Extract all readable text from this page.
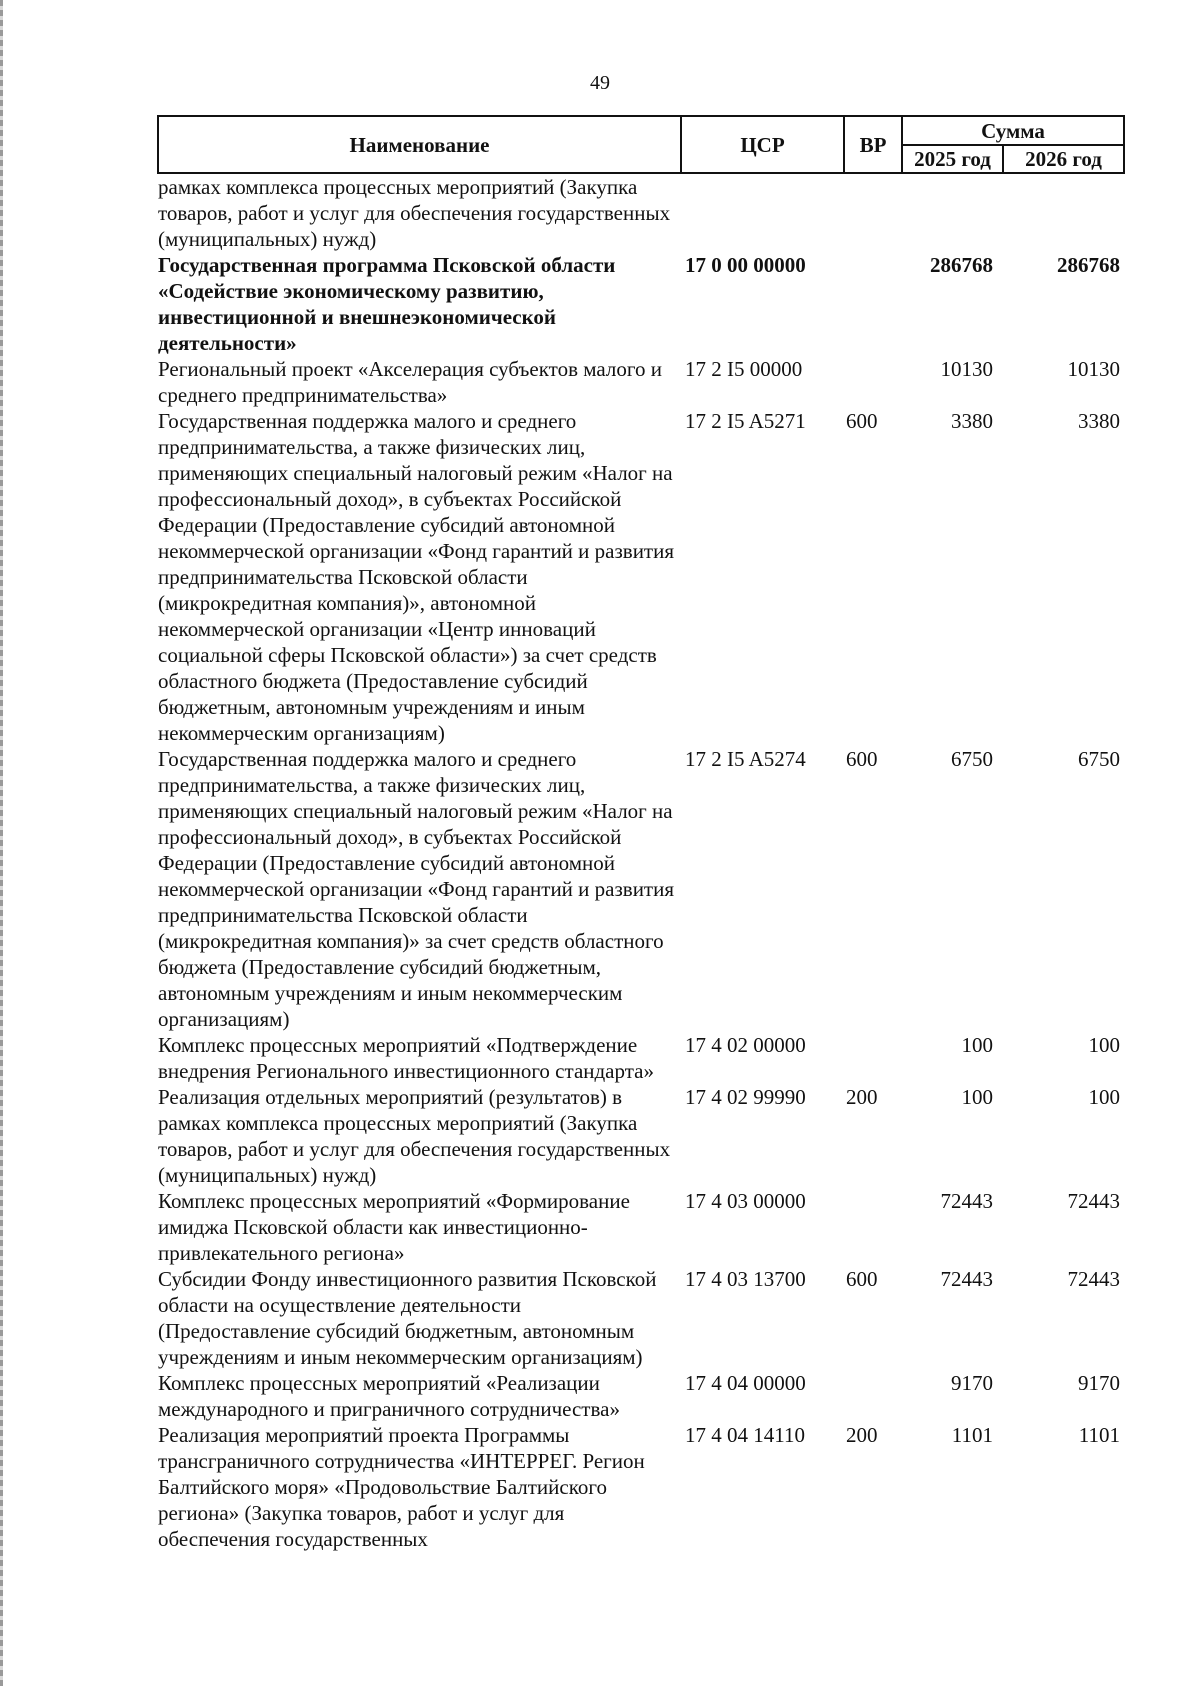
49
Наименование	ЦСР	ВР	Сумма	
			2025 год	2026 год
рамках комплекса процессных мероприятий (Закупка товаров, работ и услуг для обеспечения государственных (муниципальных) нужд)				
Государственная программа Псковской области «Содействие экономическому развитию, инвестиционной и внешнеэкономической деятельности»	17 0 00 00000		286768	286768
Региональный проект «Акселерация субъектов малого и среднего предпринимательства»	17 2 I5 00000		10130	10130
Государственная поддержка малого и среднего предпринимательства, а также физических лиц, применяющих специальный налоговый режим «Налог на профессиональный доход», в субъектах Российской Федерации (Предоставление субсидий автономной некоммерческой организации «Фонд гарантий и развития предпринимательства Псковской области (микрокредитная компания)», автономной некоммерческой организации «Центр инноваций социальной сферы Псковской области») за счет средств областного бюджета (Предоставление субсидий бюджетным, автономным учреждениям и иным некоммерческим организациям)	17 2 I5 A5271	600	3380	3380
Государственная поддержка малого и среднего предпринимательства, а также физических лиц, применяющих специальный налоговый режим «Налог на профессиональный доход», в субъектах Российской Федерации (Предоставление субсидий автономной некоммерческой организации «Фонд гарантий и развития предпринимательства Псковской области (микрокредитная компания)» за счет средств областного бюджета (Предоставление субсидий бюджетным, автономным учреждениям и иным некоммерческим организациям)	17 2 I5 A5274	600	6750	6750
Комплекс процессных мероприятий «Подтверждение внедрения Регионального инвестиционного стандарта»	17 4 02 00000		100	100
Реализация отдельных мероприятий (результатов) в рамках комплекса процессных мероприятий (Закупка товаров, работ и услуг для обеспечения государственных (муниципальных) нужд)	17 4 02 99990	200	100	100
Комплекс процессных мероприятий «Формирование имиджа Псковской области как инвестиционно-привлекательного региона»	17 4 03 00000		72443	72443
Субсидии Фонду инвестиционного развития Псковской области на осуществление деятельности (Предоставление субсидий бюджетным, автономным учреждениям и иным некоммерческим организациям)	17 4 03 13700	600	72443	72443
Комплекс процессных мероприятий «Реализации международного и приграничного сотрудничества»	17 4 04 00000		9170	9170
Реализация мероприятий проекта Программы трансграничного сотрудничества «ИНТЕРРЕГ. Регион Балтийского моря» «Продовольствие Балтийского региона» (Закупка товаров, работ и услуг для обеспечения государственных	17 4 04 14110	200	1101	1101
